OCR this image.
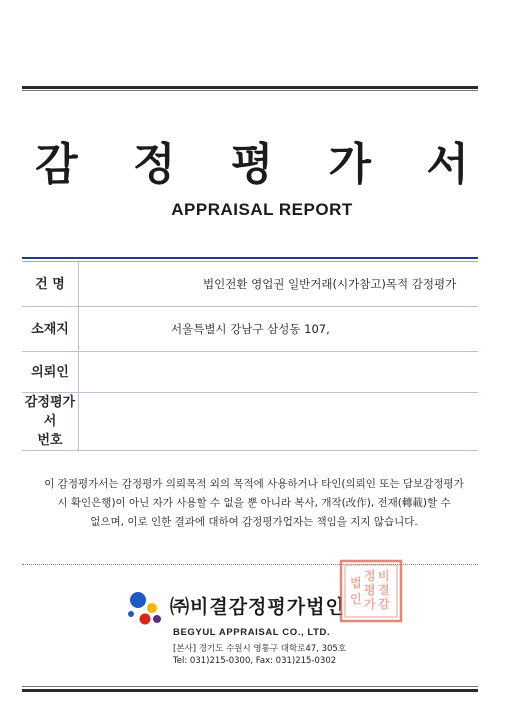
감 정 평 가 서
APPRAISAL REPORT
건 명	법인전환 영업권 일반거래(시가참고)목적 감정평가

소재지	서울특별시 강남구 삼성동 107,

의뢰인	

감정평가서
번호	

이 감정평가서는 감정평가 의뢰목적 외의 목적에 사용하거나 타인(의뢰인 또는 담보감정평가
시 확인은행)이 아닌 자가 사용할 수 없을 뿐 아니라 복사, 개작(改作), 전재(轉載)할 수
없으며, 이로 인한 결과에 대하여 감정평가업자는 책임을 지지 않습니다.
㈜비결감정평가법인
BEGYUL APPRAISAL CO., LTD.
[본사] 경기도 수원시 영통구 대학로47, 305호
Tel: 031)215-0300, Fax: 031)215-0302
비
결
감
정
평
가
법
인
